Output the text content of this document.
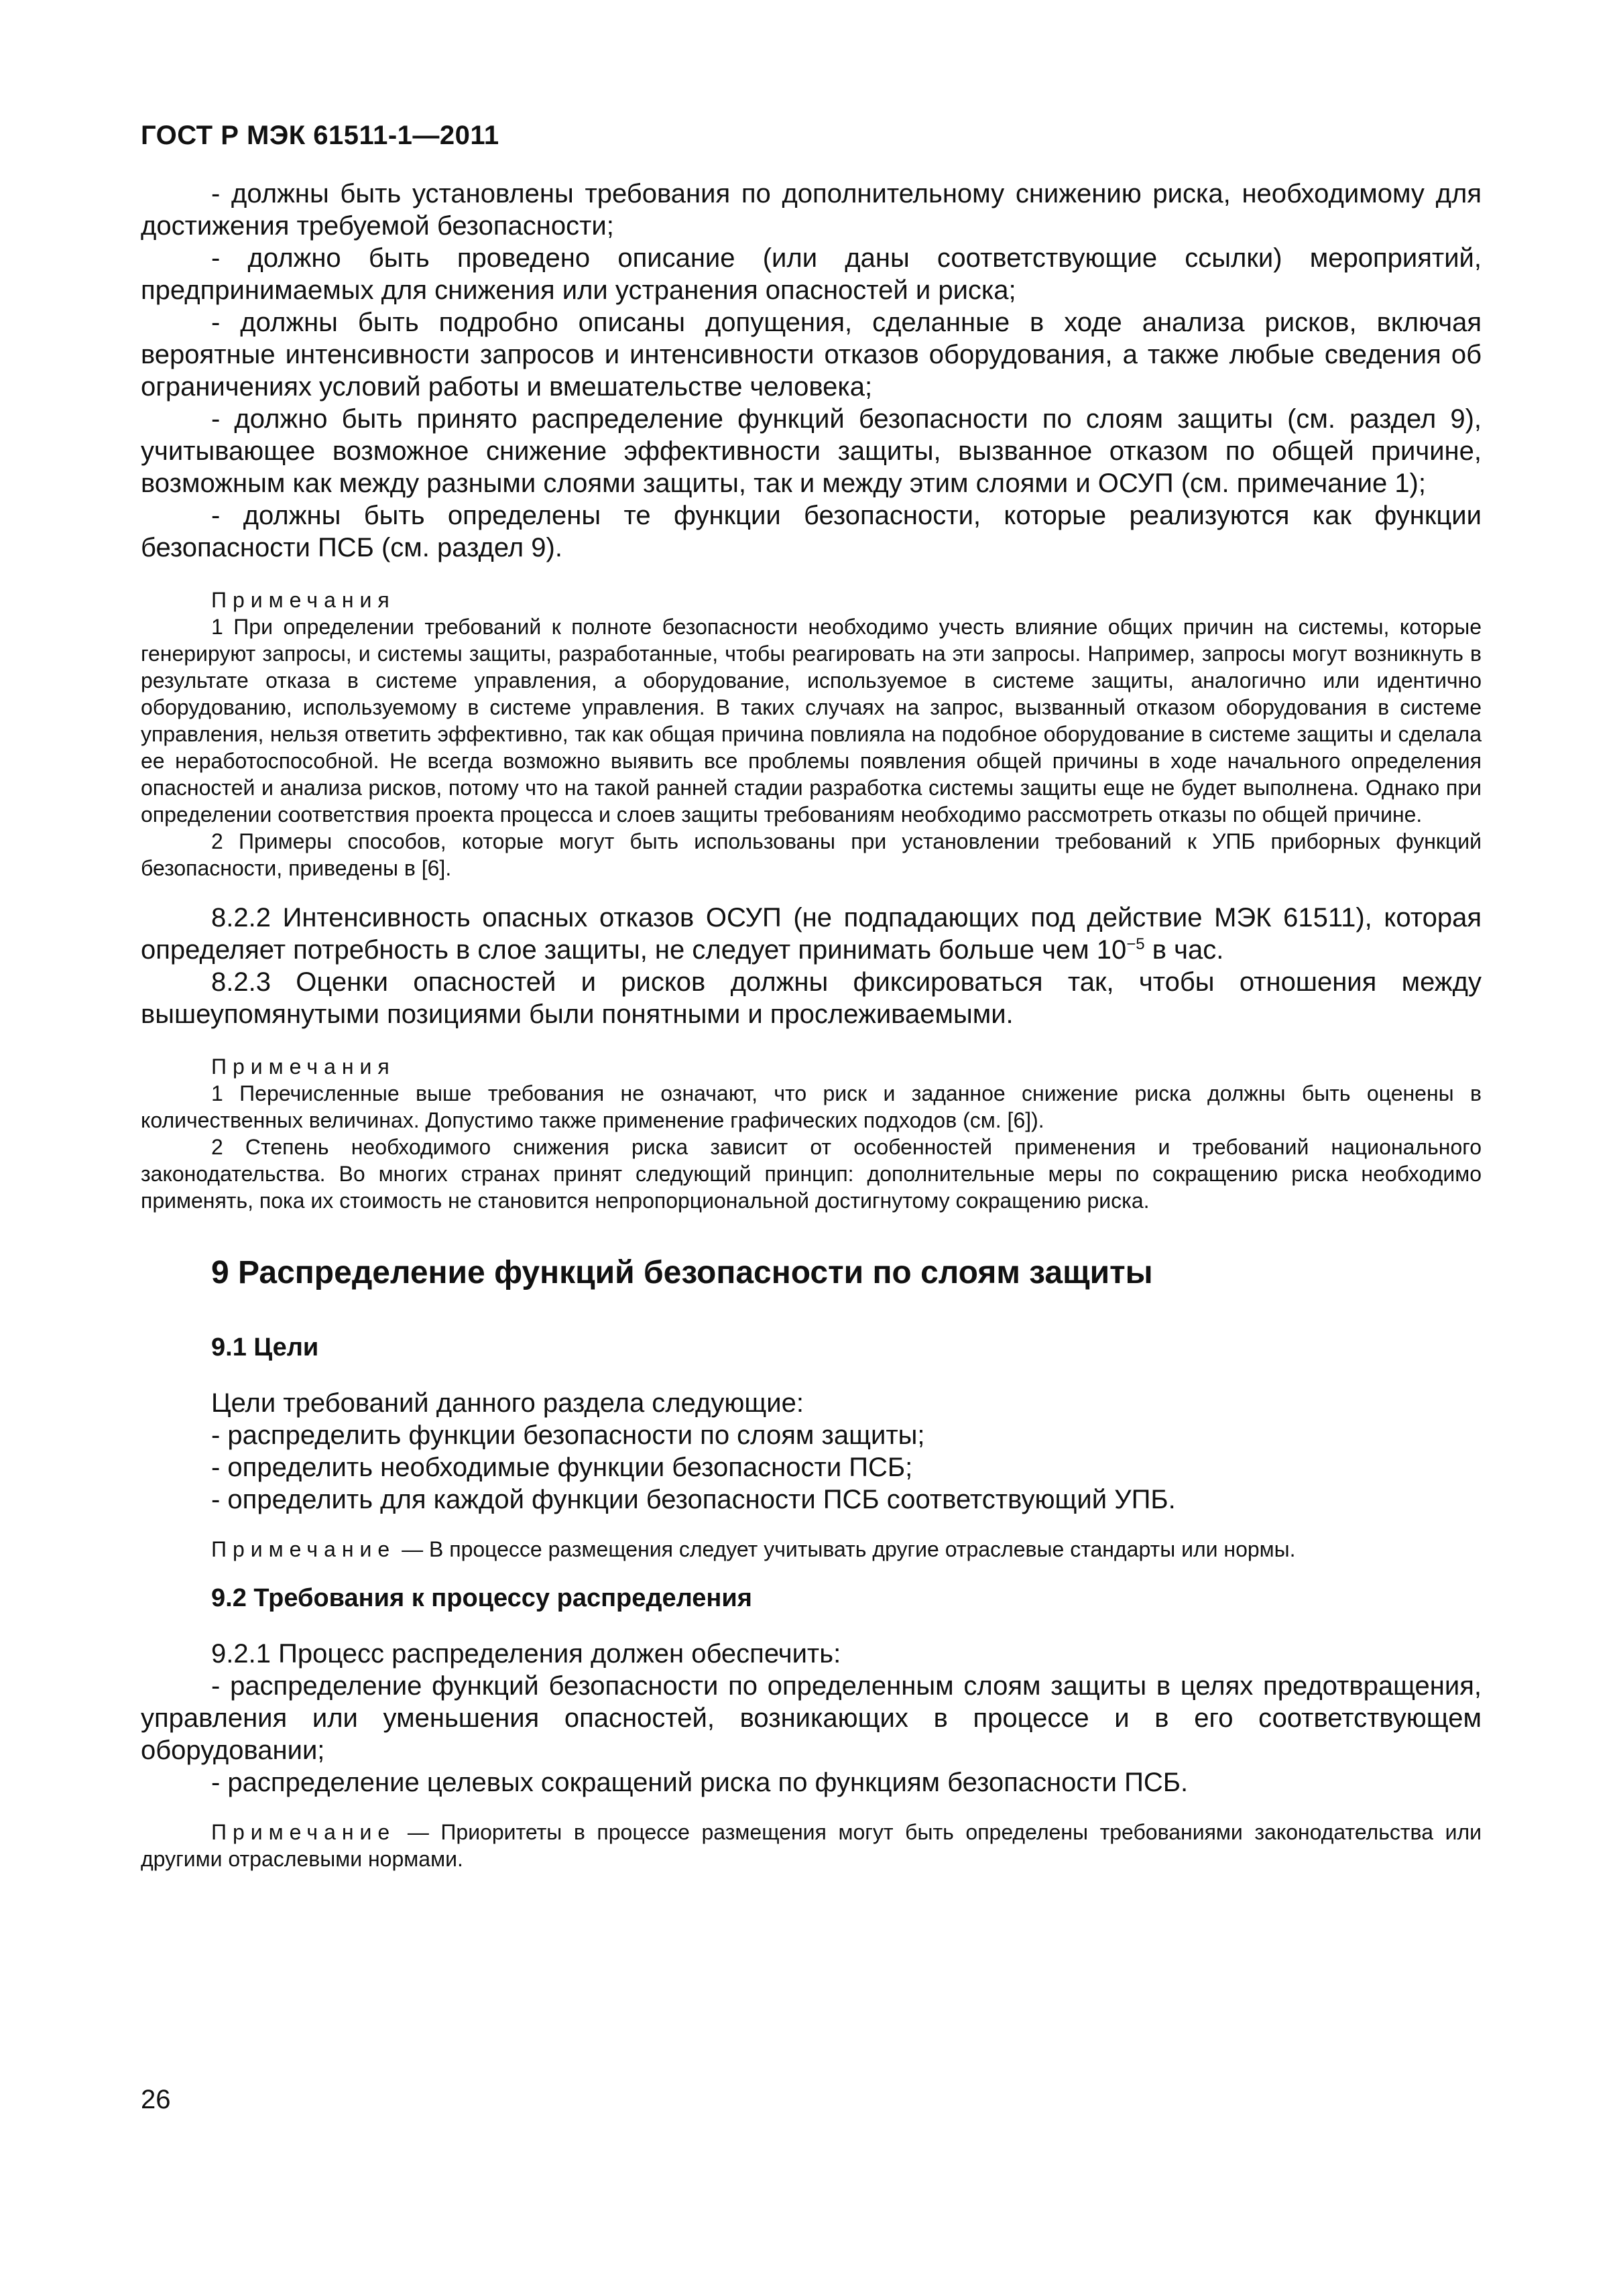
ГОСТ Р МЭК 61511-1—2011

- должны быть установлены требования по дополнительному снижению риска, необходимому для достижения требуемой безопасности;

- должно быть проведено описание (или даны соответствующие ссылки) мероприятий, предпринимаемых для снижения или устранения опасностей и риска;

- должны быть подробно описаны допущения, сделанные в ходе анализа рисков, включая вероятные интенсивности запросов и интенсивности отказов оборудования, а также любые сведения об ограничениях условий работы и вмешательстве человека;

- должно быть принято распределение функций безопасности по слоям защиты (см. раздел 9), учитывающее возможное снижение эффективности защиты, вызванное отказом по общей причине, возможным как между разными слоями защиты, так и между этим слоями и ОСУП (см. примечание 1);

- должны быть определены те функции безопасности, которые реализуются как функции безопасности ПСБ (см. раздел 9).

Примечания

1 При определении требований к полноте безопасности необходимо учесть влияние общих причин на системы, которые генерируют запросы, и системы защиты, разработанные, чтобы реагировать на эти запросы. Например, запросы могут возникнуть в результате отказа в системе управления, а оборудование, используемое в системе защиты, аналогично или идентично оборудованию, используемому в системе управления. В таких случаях на запрос, вызванный отказом оборудования в системе управления, нельзя ответить эффективно, так как общая причина повлияла на подобное оборудование в системе защиты и сделала ее неработоспособной. Не всегда возможно выявить все проблемы появления общей причины в ходе начального определения опасностей и анализа рисков, потому что на такой ранней стадии разработка системы защиты еще не будет выполнена. Однако при определении соответствия проекта процесса и слоев защиты требованиям необходимо рассмотреть отказы по общей причине.

2 Примеры способов, которые могут быть использованы при установлении требований к УПБ приборных функций безопасности, приведены в [6].

8.2.2 Интенсивность опасных отказов ОСУП (не подпадающих под действие МЭК 61511), которая определяет потребность в слое защиты, не следует принимать больше чем $10^{-5}$ в час.

8.2.3 Оценки опасностей и рисков должны фиксироваться так, чтобы отношения между вышеупомянутыми позициями были понятными и прослеживаемыми.

Примечания

1 Перечисленные выше требования не означают, что риск и заданное снижение риска должны быть оценены в количественных величинах. Допустимо также применение графических подходов (см. [6]).

2 Степень необходимого снижения риска зависит от особенностей применения и требований национального законодательства. Во многих странах принят следующий принцип: дополнительные меры по сокращению риска необходимо применять, пока их стоимость не становится непропорциональной достигнутому сокращению риска.

9 Распределение функций безопасности по слоям защиты
9.1 Цели

Цели требований данного раздела следующие:

- распределить функции безопасности по слоям защиты;

- определить необходимые функции безопасности ПСБ;

- определить для каждой функции безопасности ПСБ соответствующий УПБ.

Примечание — В процессе размещения следует учитывать другие отраслевые стандарты или нормы.

9.2 Требования к процессу распределения

9.2.1 Процесс распределения должен обеспечить:

- распределение функций безопасности по определенным слоям защиты в целях предотвращения, управления или уменьшения опасностей, возникающих в процессе и в его соответствующем оборудовании;

- распределение целевых сокращений риска по функциям безопасности ПСБ.

Примечание — Приоритеты в процессе размещения могут быть определены требованиями законодательства или другими отраслевыми нормами.

26
